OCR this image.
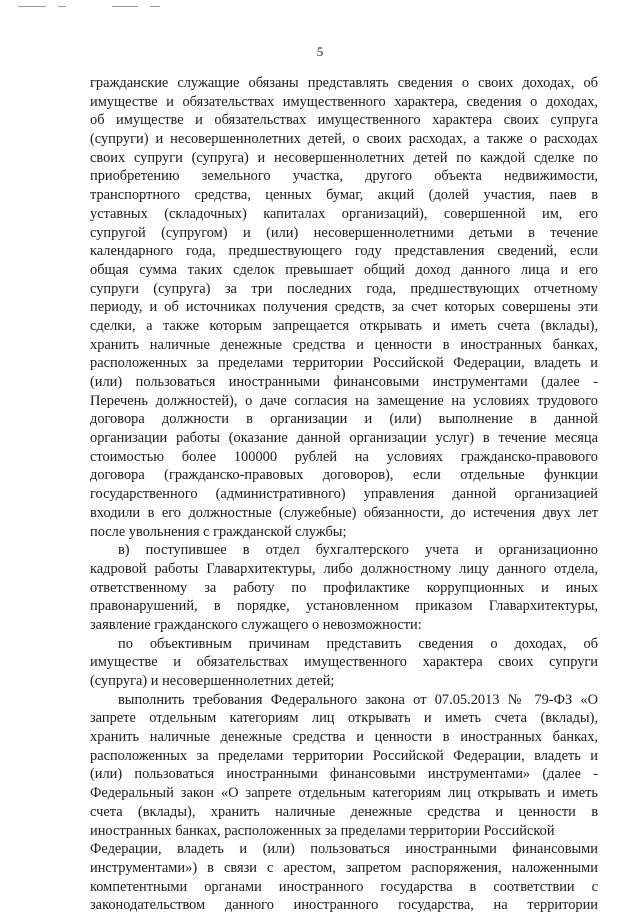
5
гражданские служащие обязаны представлять сведения о своих доходах, об
имуществе и обязательствах имущественного характера, сведения о доходах,
об имуществе и обязательствах имущественного характера своих супруга
(супруги) и несовершеннолетних детей, о своих расходах, а также о расходах
своих супруги (супруга) и несовершеннолетних детей по каждой сделке по
приобретению земельного участка, другого объекта недвижимости,
транспортного средства, ценных бумаг, акций (долей участия, паев в
уставных (складочных) капиталах организаций), совершенной им, его
супругой (супругом) и (или) несовершеннолетними детьми в течение
календарного года, предшествующего году представления сведений, если
общая сумма таких сделок превышает общий доход данного лица и его
супруги (супруга) за три последних года, предшествующих отчетному
периоду, и об источниках получения средств, за счет которых совершены эти
сделки, а также которым запрещается открывать и иметь счета (вклады),
хранить наличные денежные средства и ценности в иностранных банках,
расположенных за пределами территории Российской Федерации, владеть и
(или) пользоваться иностранными финансовыми инструментами (далее -
Перечень должностей), о даче согласия на замещение на условиях трудового
договора должности в организации и (или) выполнение в данной
организации работы (оказание данной организации услуг) в течение месяца
стоимостью более 100000 рублей на условиях гражданско-правового
договора (гражданско-правовых договоров), если отдельные функции
государственного (административного) управления данной организацией
входили в его должностные (служебные) обязанности, до истечения двух лет
после увольнения с гражданской службы;
в) поступившее в отдел бухгалтерского учета и организационно
кадровой работы Главархитектуры, либо должностному лицу данного отдела,
ответственному за работу по профилактике коррупционных и иных
правонарушений, в порядке, установленном приказом Главархитектуры,
заявление гражданского служащего о невозможности:
по объективным причинам представить сведения о доходах, об
имуществе и обязательствах имущественного характера своих супруги
(супруга) и несовершеннолетних детей;
выполнить требования Федерального закона от 07.05.2013 № 79-ФЗ «О
запрете отдельным категориям лиц открывать и иметь счета (вклады),
хранить наличные денежные средства и ценности в иностранных банках,
расположенных за пределами территории Российской Федерации, владеть и
(или) пользоваться иностранными финансовыми инструментами» (далее -
Федеральный закон «О запрете отдельным категориям лиц открывать и иметь
счета (вклады), хранить наличные денежные средства и ценности в
иностранных банках, расположенных за пределами территории Российской
Федерации, владеть и (или) пользоваться иностранными финансовыми
инструментами») в связи с арестом, запретом распоряжения, наложенными
компетентными органами иностранного государства в соответствии с
законодательством данного иностранного государства, на территории
